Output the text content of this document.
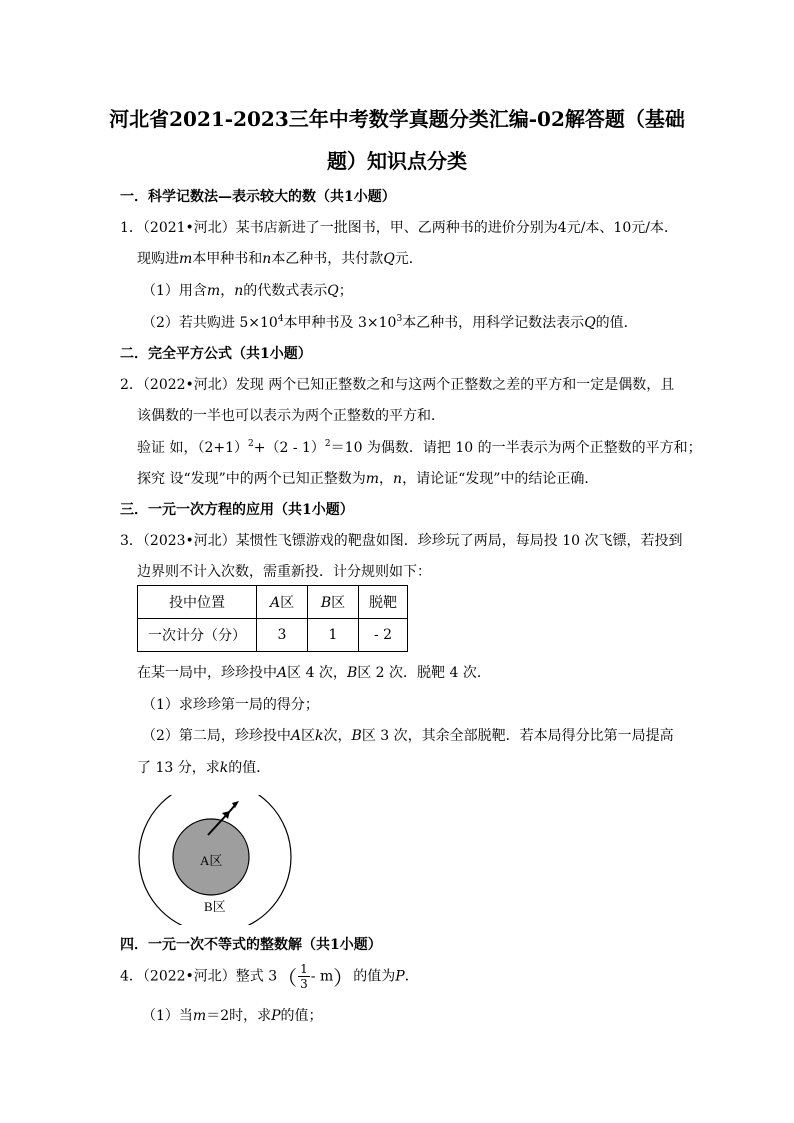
河北省2021-2023三年中考数学真题分类汇编-02解答题（基础
题）知识点分类
一．科学记数法—表示较大的数（共1小题）
1．（2021•河北）某书店新进了一批图书，甲、乙两种书的进价分别为4元/本、10元/本．
现购进m本甲种书和n本乙种书，共付款Q元．
（1）用含m，n的代数式表示Q；
（2）若共购进 $5\times 10^4$本甲种书及 $3\times 10^3$本乙种书，用科学记数法表示Q的值．
二．完全平方公式（共1小题）
2．（2022•河北）发现 两个已知正整数之和与这两个正整数之差的平方和一定是偶数，且
该偶数的一半也可以表示为两个正整数的平方和．
验证 如，$(2+1)^2+(2 - 1)^2=10$ 为偶数．请把 10 的一半表示为两个正整数的平方和；
探究 设“发现”中的两个已知正整数为m，n，请论证“发现”中的结论正确．
三．一元一次方程的应用（共1小题）
3．（2023•河北）某惯性飞镖游戏的靶盘如图．珍珍玩了两局，每局投 10 次飞镖，若投到
边界则不计入次数，需重新投．计分规则如下：
投中位置	A区	B区	脱靶
一次计分（分）	3	1	- 2
在某一局中，珍珍投中A区 4 次，B区 2 次．脱靶 4 次．
（1）求珍珍第一局的得分；
（2）第二局，珍珍投中A区k次，B区 3 次，其余全部脱靶．若本局得分比第一局提高
了 13 分，求k的值．
A区
B区
四．一元一次不等式的整数解（共1小题）
4．（2022•河北）整式 $3( \frac{1}{3} - m)$的值为P．
（1）当m＝2时，求P的值；
